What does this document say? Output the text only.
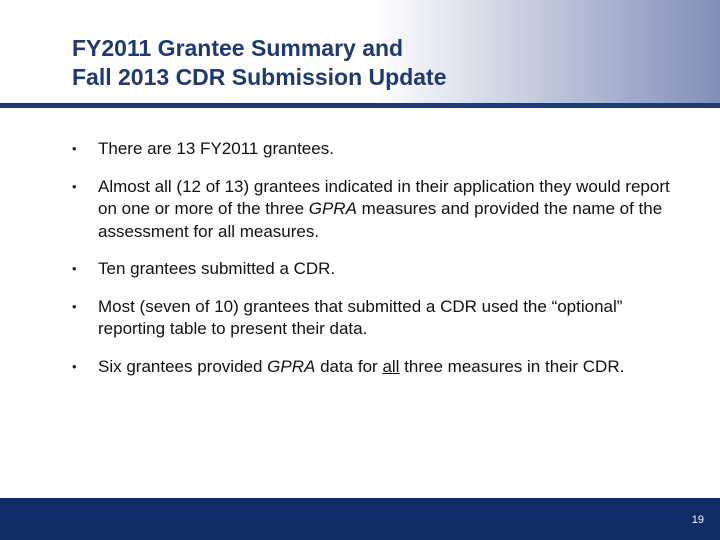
FY2011 Grantee Summary and
Fall 2013 CDR Submission Update
• There are 13 FY2011 grantees.
• Almost all (12 of 13) grantees indicated in their application they would report on one or more of the three GPRA measures and provided the name of the assessment for all measures.
• Ten grantees submitted a CDR.
• Most (seven of 10) grantees that submitted a CDR used the “optional” reporting table to present their data.
• Six grantees provided GPRA data for all three measures in their CDR.
19
